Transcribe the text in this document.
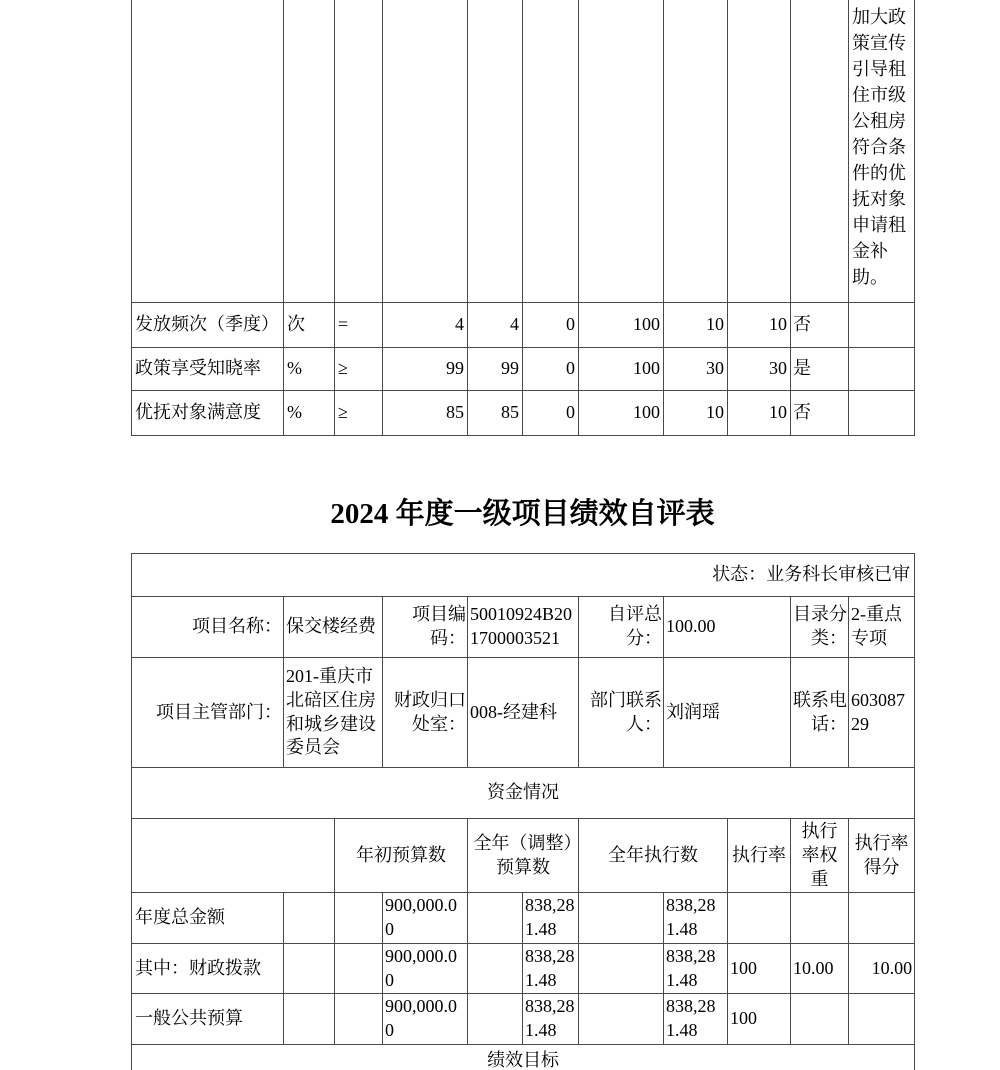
										加大政策宣传引导租住市级公租房符合条件的优抚对象申请租金补助。
发放频次（季度）	次	=	4	4	0	100	10	10	否	
政策享受知晓率	%	≥	99	99	0	100	30	30	是	
优抚对象满意度	%	≥	85	85	0	100	10	10	否	
2024 年度一级项目绩效自评表
状态：业务科长审核已审										
项目名称：	保交楼经费		项目编码：	50010924B201700003521		自评总分：	100.00		目录分类：	2-重点专项
项目主管部门：	201-重庆市北碚区住房和城乡建设委员会		财政归口处室：	008-经建科		部门联系人：	刘润瑶		联系电话：	60308729
资金情况										
		年初预算数		全年（调整）预算数		全年执行数		执行率	执行率权重	执行率得分
年度总金额			900,000.00		838,281.48		838,281.48			
其中：财政拨款			900,000.00		838,281.48		838,281.48	100	10.00	10.00
一般公共预算			900,000.00		838,281.48		838,281.48	100		
绩效目标										
